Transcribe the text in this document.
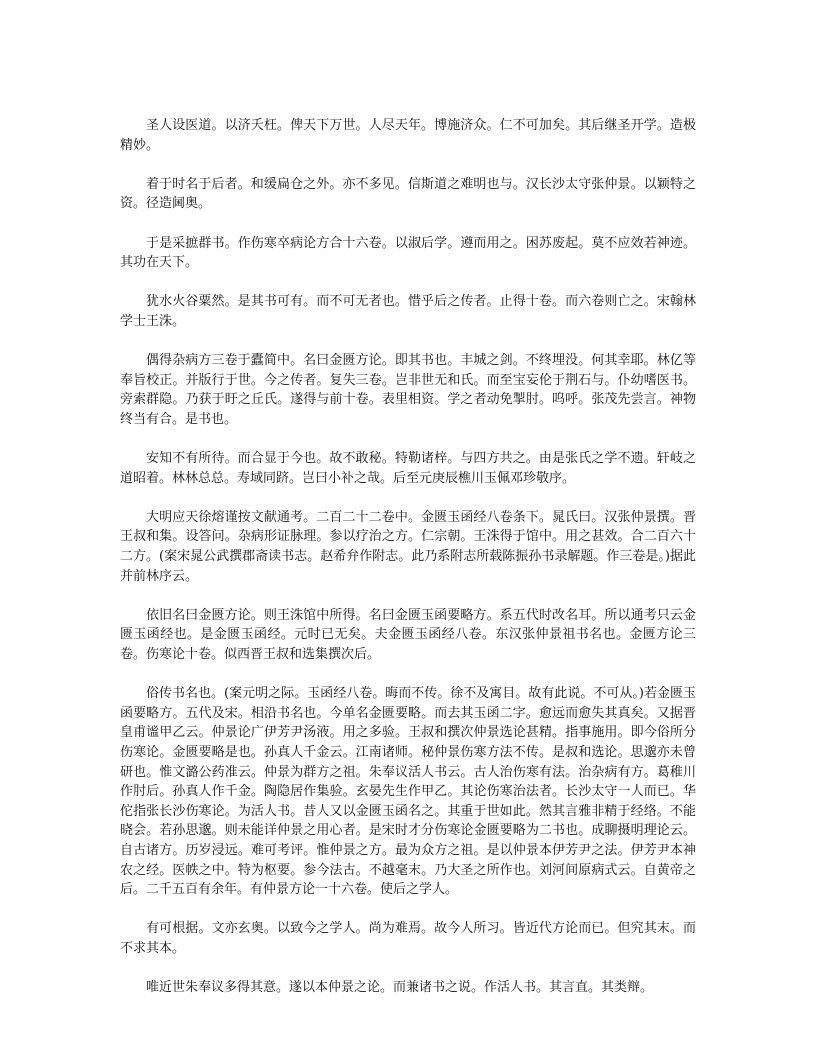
圣人设医道。以济夭枉。俾天下万世。人尽天年。博施济众。仁不可加矣。其后继圣开学。造极精妙。

着于时名于后者。和缓扁仓之外。亦不多见。信斯道之难明也与。汉长沙太守张仲景。以颖特之资。径造阃奥。

于是采摭群书。作伤寒卒病论方合十六卷。以淑后学。遵而用之。困苏废起。莫不应效若神迹。其功在天下。

犹水火谷粟然。是其书可有。而不可无者也。惜乎后之传者。止得十卷。而六卷则亡之。宋翰林学士王洙。

偶得杂病方三卷于蠹简中。名曰金匮方论。即其书也。丰城之剑。不终埋没。何其幸耶。林亿等奉旨校正。并版行于世。今之传者。复失三卷。岂非世无和氏。而至宝妄伦于荆石与。仆幼嗜医书。旁索群隐。乃获于盱之丘氏。遂得与前十卷。表里相资。学之者动免掣肘。呜呼。张茂先尝言。神物终当有合。是书也。

安知不有所待。而合显于今也。故不敢秘。特勒诸梓。与四方共之。由是张氏之学不遗。轩岐之道昭着。林林总总。寿域同跻。岂曰小补之哉。后至元庚辰樵川玉佩邓珍敬序。

大明应天徐熔谨按文献通考。二百二十二卷中。金匮玉函经八卷条下。晁氏曰。汉张仲景撰。晋王叔和集。设答问。杂病形证脉理。参以疗治之方。仁宗朝。王洙得于馆中。用之甚效。合二百六十二方。(案宋晁公武撰郡斋读书志。赵希弁作附志。此乃系附志所载陈振孙书录解题。作三卷是。)据此并前林序云。

依旧名曰金匮方论。则王洙馆中所得。名曰金匮玉函要略方。系五代时改名耳。所以通考只云金匮玉函经也。是金匮玉函经。元时已无矣。夫金匮玉函经八卷。东汉张仲景祖书名也。金匮方论三卷。伤寒论十卷。似西晋王叔和选集撰次后。

俗传书名也。(案元明之际。玉函经八卷。晦而不传。徐不及寓目。故有此说。不可从。)若金匮玉函要略方。五代及宋。相沿书名也。今单名金匮要略。而去其玉函二字。愈远而愈失其真矣。又据晋皇甫谧甲乙云。仲景论广伊芳尹汤液。用之多验。王叔和撰次仲景选论甚精。指事施用。即今俗所分伤寒论。金匮要略是也。孙真人千金云。江南诸师。秘仲景伤寒方法不传。是叔和选论。思邈亦未曾研也。惟文潞公药准云。仲景为群方之祖。朱奉议活人书云。古人治伤寒有法。治杂病有方。葛稚川作肘后。孙真人作千金。陶隐居作集验。玄晏先生作甲乙。其论伤寒治法者。长沙太守一人而已。华佗指张长沙伤寒论。为活人书。昔人又以金匮玉函名之。其重于世如此。然其言雅非精于经络。不能晓会。若孙思邈。则未能详仲景之用心者。是宋时才分伤寒论金匮要略为二书也。成聊摄明理论云。自古诸方。历岁浸远。难可考评。惟仲景之方。最为众方之祖。是以仲景本伊芳尹之法。伊芳尹本神农之经。医帙之中。特为枢要。参今法古。不越毫末。乃大圣之所作也。刘河间原病式云。自黄帝之后。二千五百有余年。有仲景方论一十六卷。使后之学人。

有可根据。文亦玄奥。以致今之学人。尚为难焉。故今人所习。皆近代方论而已。但究其末。而不求其本。

唯近世朱奉议多得其意。遂以本仲景之论。而兼诸书之说。作活人书。其言直。其类辩。
